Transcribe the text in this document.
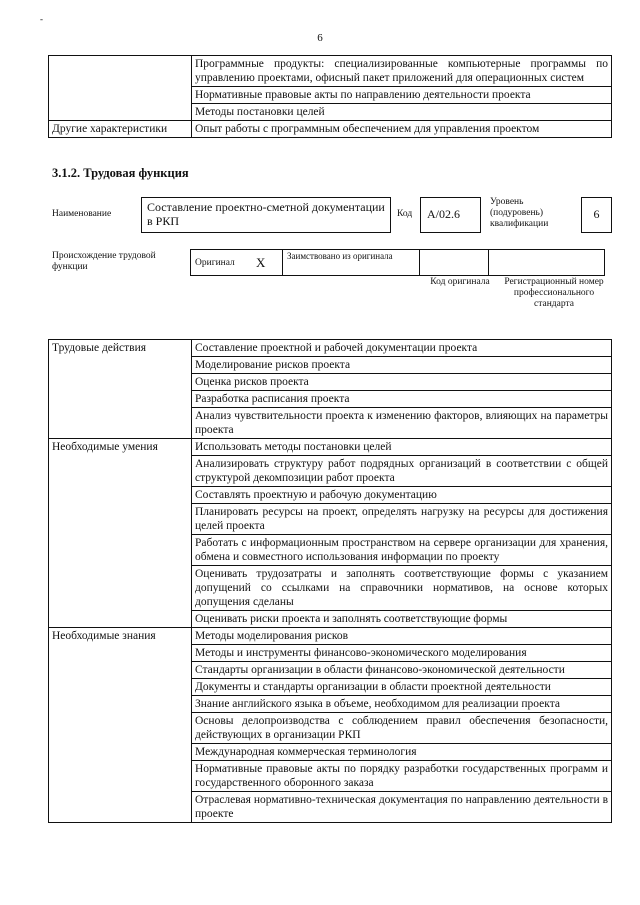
-
6
	Программные продукты: специализированные компьютерные программы по управлению проектами, офисный пакет приложений для операционных систем
	Нормативные правовые акты по направлению деятельности проекта
	Методы постановки целей
Другие характеристики	Опыт работы с программным обеспечением для управления проектом
3.1.2. Трудовая функция
Наименование	Составление проектно-сметной документации в РКП	Код	А/02.6
Уровень (подуровень) квалификации
6
Происхождение трудовой функции	Оригинал	X	Заимствовано из оригинала		
Код оригинала	Регистрационный номер профессионального стандарта
Трудовые действия	Составление проектной и рабочей документации проекта
	Моделирование рисков проекта
	Оценка рисков проекта
	Разработка расписания проекта
	Анализ чувствительности проекта к изменению факторов, влияющих на параметры проекта
Необходимые умения	Использовать методы постановки целей
	Анализировать структуру работ подрядных организаций в соответствии с общей структурой декомпозиции работ проекта
	Составлять проектную и рабочую документацию
	Планировать ресурсы на проект, определять нагрузку на ресурсы для достижения целей проекта
	Работать с информационным пространством на сервере организации для хранения, обмена и совместного использования информации по проекту
	Оценивать трудозатраты и заполнять соответствующие формы с указанием допущений со ссылками на справочники нормативов, на основе которых допущения сделаны
	Оценивать риски проекта и заполнять соответствующие формы
Необходимые знания	Методы моделирования рисков
	Методы и инструменты финансово-экономического моделирования
	Стандарты организации в области финансово-экономической деятельности
	Документы и стандарты организации в области проектной деятельности
	Знание английского языка в объеме, необходимом для реализации проекта
	Основы делопроизводства с соблюдением правил обеспечения безопасности, действующих в организации РКП
	Международная коммерческая терминология
	Нормативные правовые акты по порядку разработки государственных программ и государственного оборонного заказа
	Отраслевая нормативно-техническая документация по направлению деятельности в проекте
